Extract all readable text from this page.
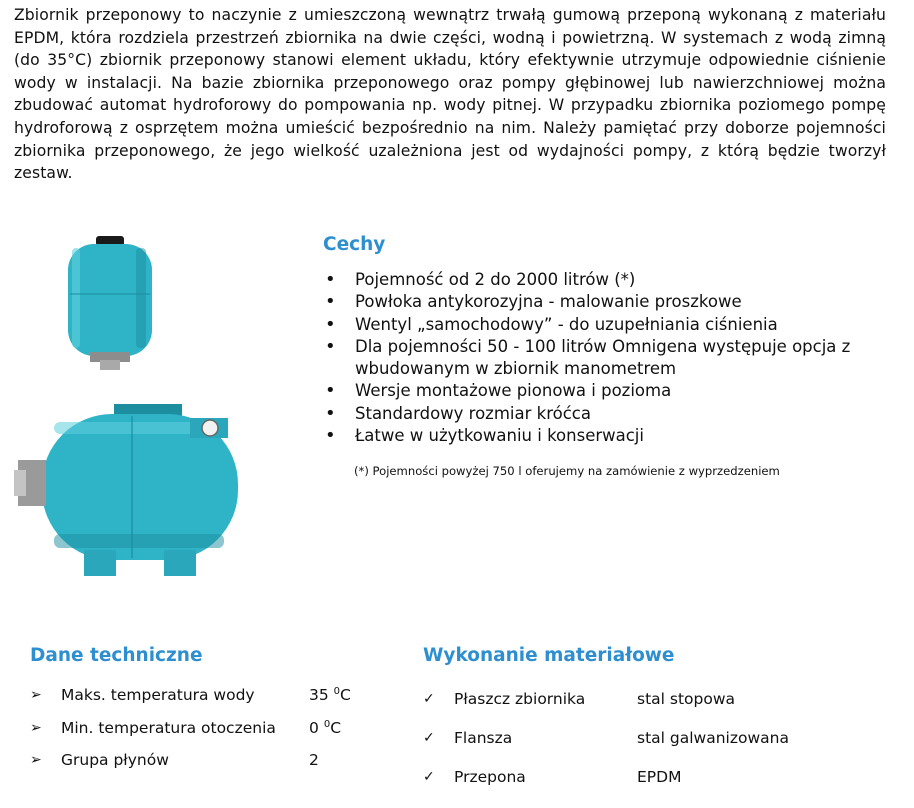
Zbiornik przeponowy to naczynie z umieszczoną wewnątrz trwałą gumową przeponą wykonaną z materiału EPDM, która rozdziela przestrzeń zbiornika na dwie części, wodną i powietrzną. W systemach z wodą zimną (do 35°C) zbiornik przeponowy stanowi element układu, który efektywnie utrzymuje odpowiednie ciśnienie wody w instalacji. Na bazie zbiornika przeponowego oraz pompy głębinowej lub nawierzchniowej można zbudować automat hydroforowy do pompowania np. wody pitnej. W przypadku zbiornika poziomego pompę hydroforową z osprzętem można umieścić bezpośrednio na nim. Należy pamiętać przy doborze pojemności zbiornika przeponowego, że jego wielkość uzależniona jest od wydajności pompy, z którą będzie tworzył zestaw.

Cechy
• Pojemność od 2 do 2000 litrów (*)
• Powłoka antykorozyjna - malowanie proszkowe
• Wentyl „samochodowy” - do uzupełniania ciśnienia
• Dla pojemności 50 - 100 litrów Omnigena występuje opcja z wbudowanym w zbiornik manometrem
• Wersje montażowe pionowa i pozioma
• Standardowy rozmiar króćca
• Łatwe w użytkowaniu i konserwacji
(*) Pojemności powyżej 750 l oferujemy na zamówienie z wyprzedzeniem
Dane techniczne
➢	Maks. temperatura wody	35 $^0$C
➢	Min. temperatura otoczenia	0 $^0$C
➢	Grupa płynów	2
Wykonanie materiałowe
✓	Płaszcz zbiornika	stal stopowa
✓	Flansza	stal galwanizowana
✓	Przepona	EPDM
